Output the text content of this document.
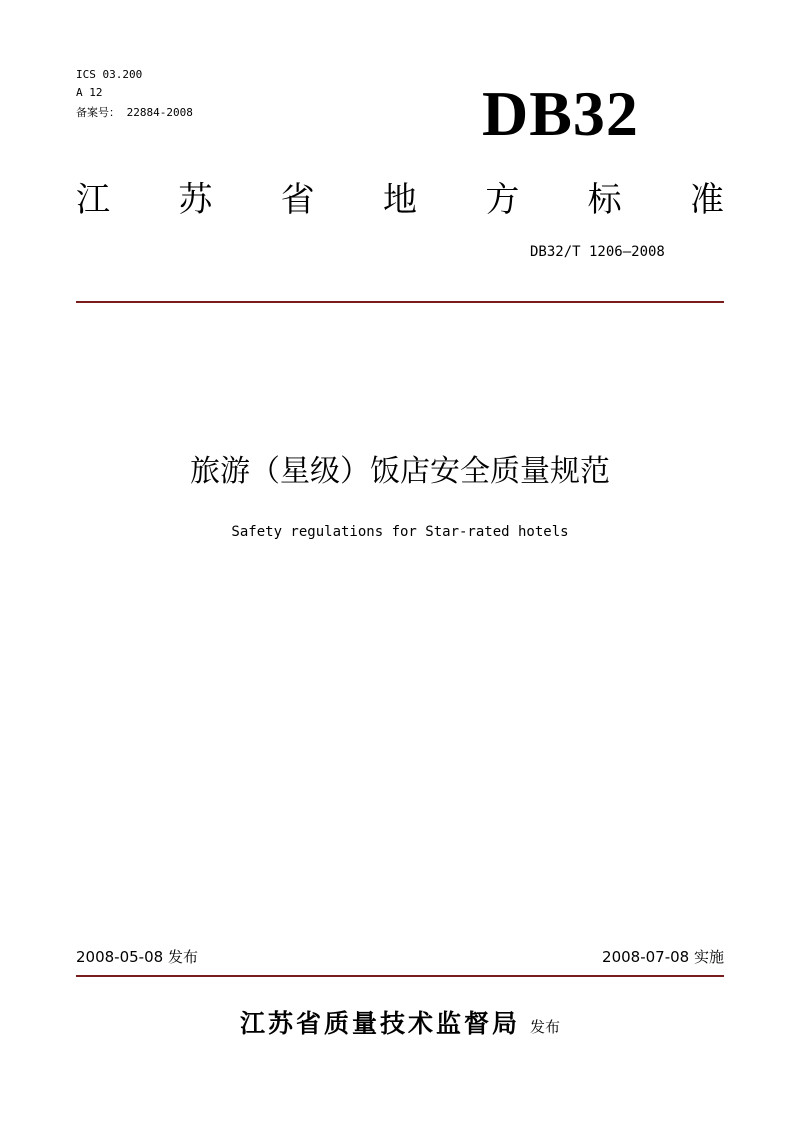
ICS 03.200
A 12
备案号： 22884-2008	DB32
江 苏 省 地 方 标 准
DB32/T 1206—2008
旅游（星级）饭店安全质量规范
Safety regulations for Star-rated hotels
2008-05-08 发布	2008-07-08 实施
江苏省质量技术监督局 发布
